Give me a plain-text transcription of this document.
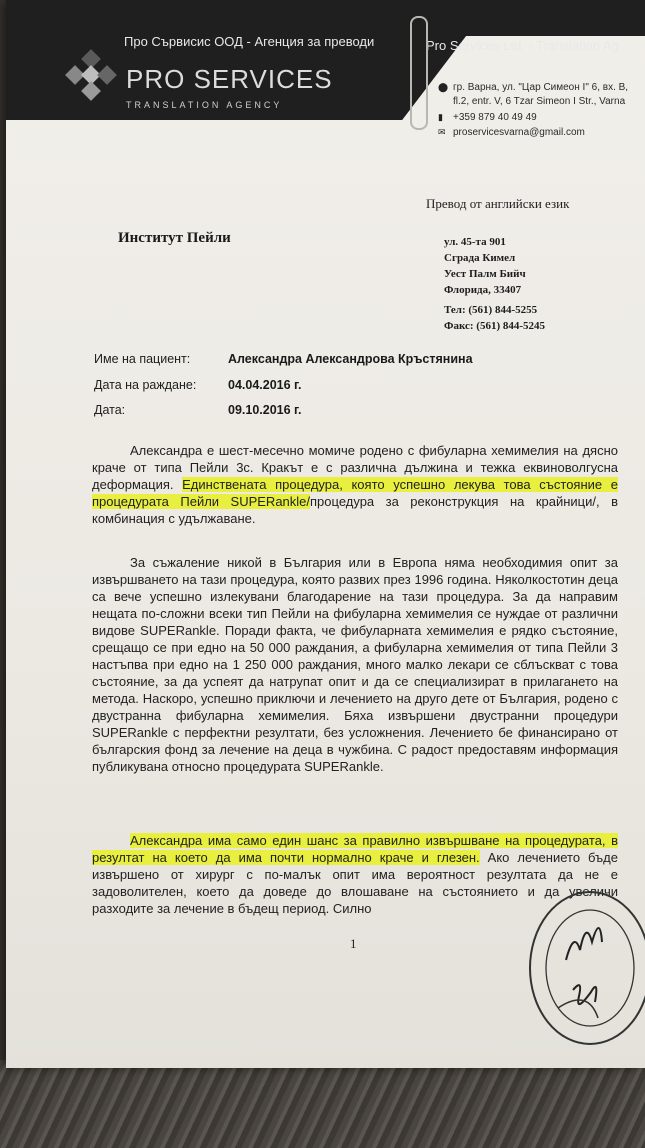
Про Сървисис ООД - Агенция за преводи	Pro Services Ltd. - Translation Ag
PRO SERVICES
TRANSLATION AGENCY
⬤ гр. Варна, ул. "Цар Симеон I" 6, вх. В,
fl.2, entr. V, 6 Tzar Simeon I Str., Varna
▮ +359 879 40 49 49
✉ proservicesvarna@gmail.com
Превод от английски език
Институт Пейли	ул. 45-та 901
Сграда Кимел
Уест Палм Бийч
Флорида, 33407
Тел: (561) 844-5255
Факс: (561) 844-5245
Име на пациент:	Александра Александрова Кръстянина
Дата на раждане:	04.04.2016 г.
Дата:	09.10.2016 г.
Александра е шест-месечно момиче родено с фибуларна хемимелия на дясно краче от типа Пейли 3с. Кракът е с различна дължина и тежка еквиноволгусна деформация. Единствената процедура, която успешно лекува това състояние е процедурата Пейли SUPERankle/процедура за реконструкция на крайници/, в комбинация с удължаване.
За съжаление никой в България или в Европа няма необходимия опит за извършването на тази процедура, която развих през 1996 година. Няколкостотин деца са вече успешно излекувани благодарение на тази процедура. За да направим нещата по-сложни всеки тип Пейли на фибуларна хемимелия се нуждае от различни видове SUPERankle. Поради факта, че фибуларната хемимелия е рядко състояние, срещащо се при едно на 50 000 раждания, а фибуларна хемимелия от типа Пейли 3 настъпва при едно на 1 250 000 раждания, много малко лекари се сблъскват с това състояние, за да успеят да натрупат опит и да се специализират в прилагането на метода. Наскоро, успешно приключи и лечението на друго дете от България, родено с двустранна фибуларна хемимелия. Бяха извършени двустранни процедури SUPERankle с перфектни резултати, без усложнения. Лечението бе финансирано от българския фонд за лечение на деца в чужбина. С радост предоставям информация публикувана относно процедурата SUPERankle.
Александра има само един шанс за правилно извършване на процедурата, в резултат на което да има почти нормално краче и глезен. Ако лечението бъде извършено от хирург с по-малък опит има вероятност резултата да не е задоволителен, което да доведе до влошаване на състоянието и да увеличи разходите за лечение в бъдещ период. Силно
1
